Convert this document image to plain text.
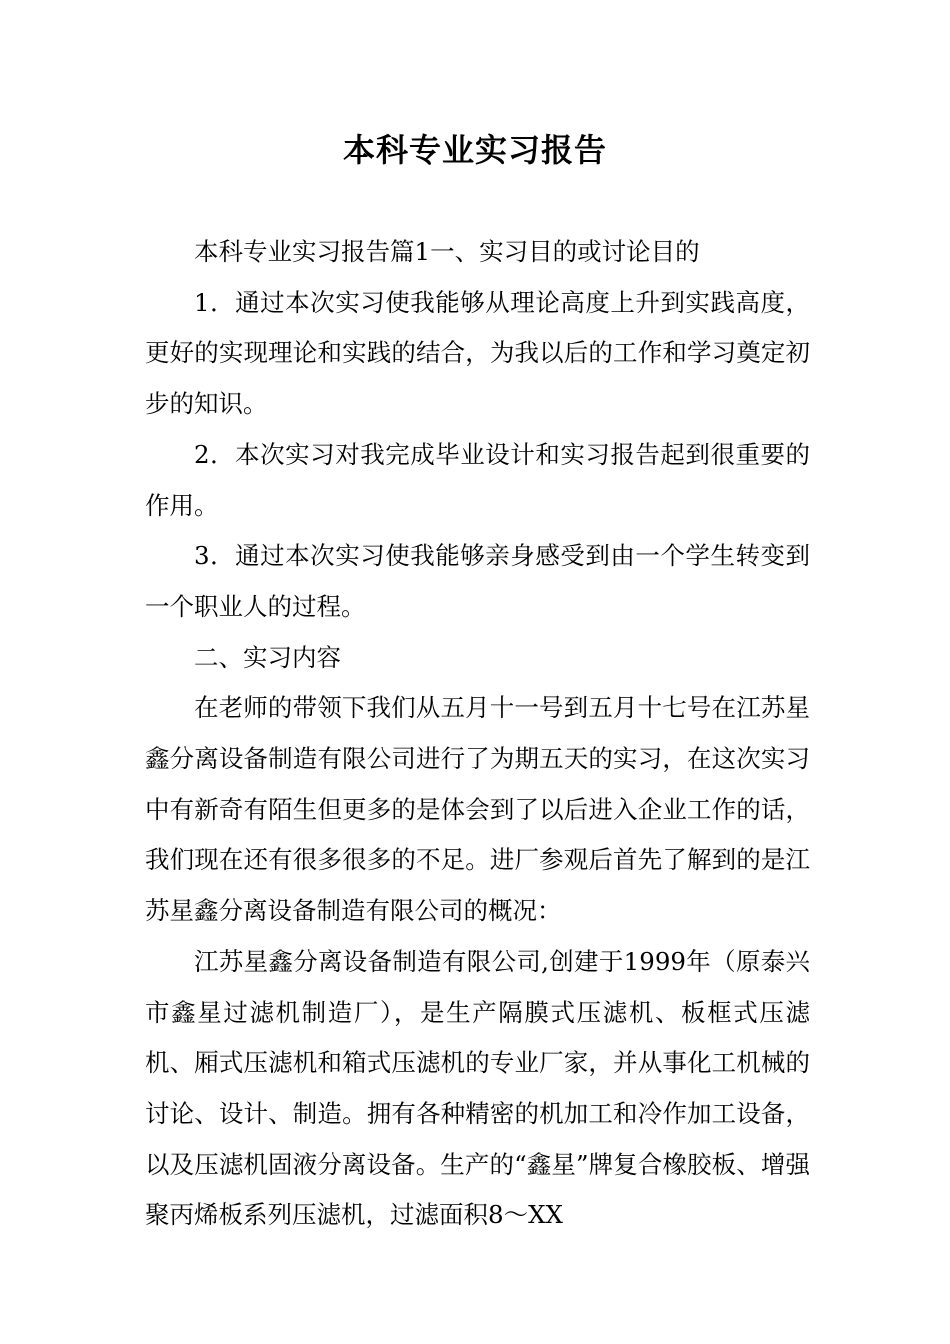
本科专业实习报告

本科专业实习报告篇1一、实习目的或讨论目的

1．通过本次实习使我能够从理论高度上升到实践高度，更好的实现理论和实践的结合，为我以后的工作和学习奠定初步的知识。

2．本次实习对我完成毕业设计和实习报告起到很重要的作用。

3．通过本次实习使我能够亲身感受到由一个学生转变到一个职业人的过程。

二、实习内容

在老师的带领下我们从五月十一号到五月十七号在江苏星鑫分离设备制造有限公司进行了为期五天的实习，在这次实习中有新奇有陌生但更多的是体会到了以后进入企业工作的话，我们现在还有很多很多的不足。进厂参观后首先了解到的是江苏星鑫分离设备制造有限公司的概况：

江苏星鑫分离设备制造有限公司,创建于1999年（原泰兴市鑫星过滤机制造厂），是生产隔膜式压滤机、板框式压滤机、厢式压滤机和箱式压滤机的专业厂家，并从事化工机械的讨论、设计、制造。拥有各种精密的机加工和冷作加工设备，以及压滤机固液分离设备。生产的“鑫星”牌复合橡胶板、增强聚丙烯板系列压滤机，过滤面积8～XX
